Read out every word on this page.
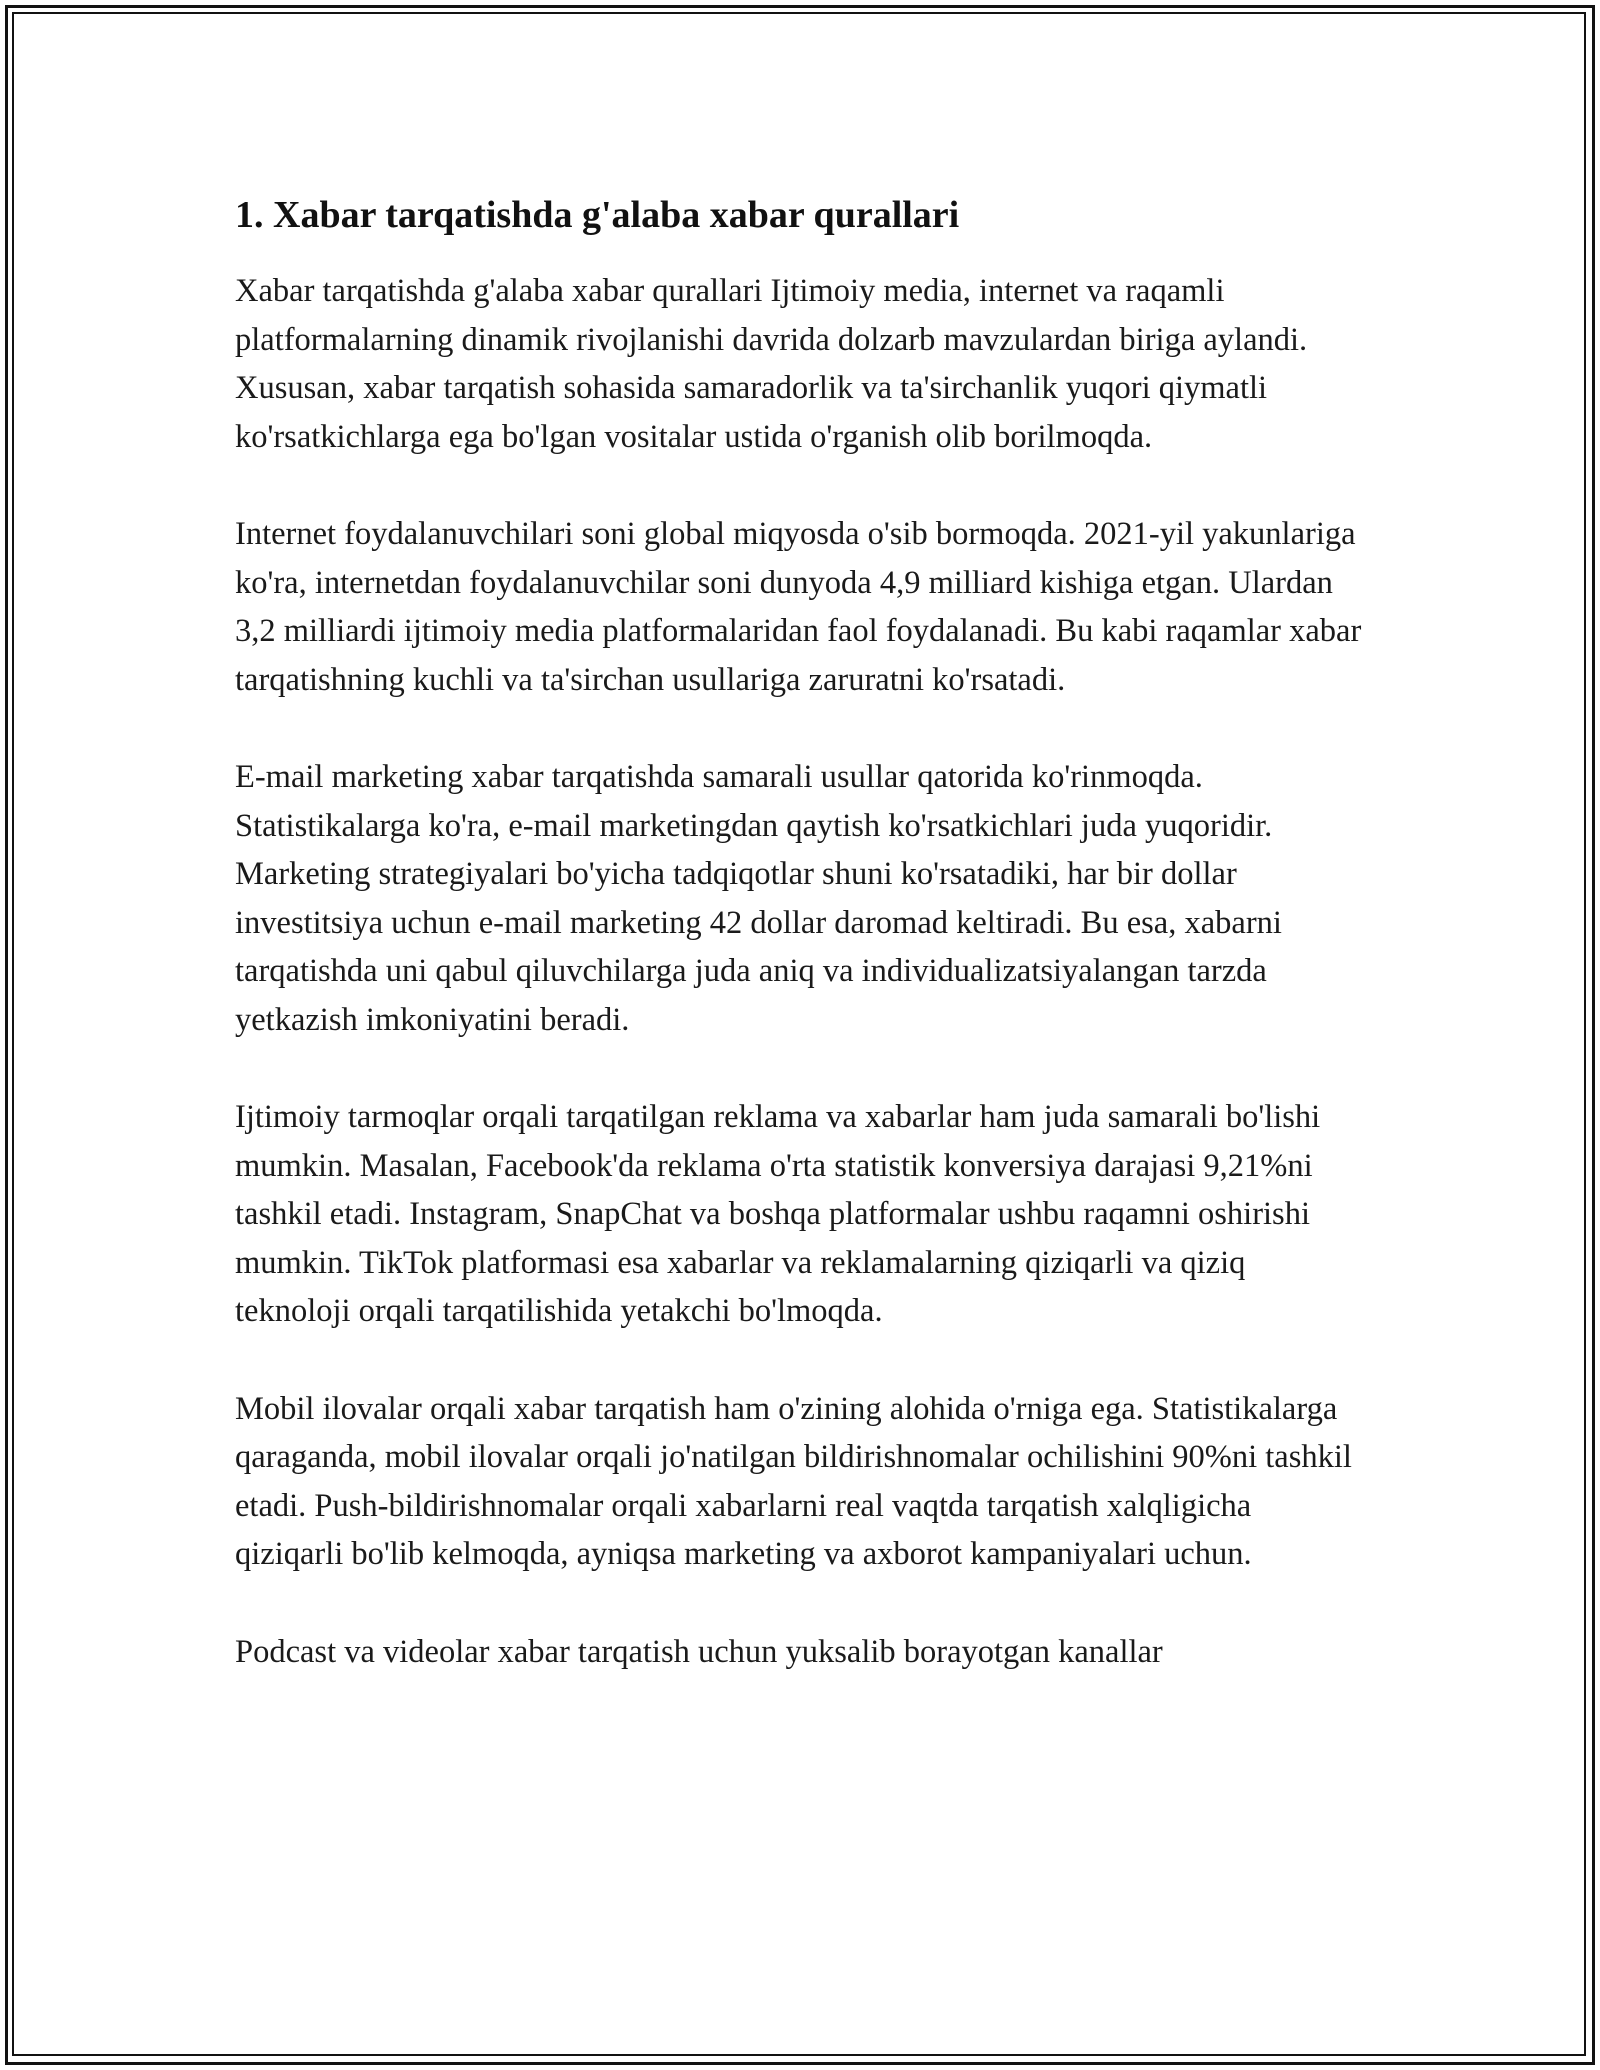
1. Xabar tarqatishda g'alaba xabar qurallari

Xabar tarqatishda g'alaba xabar qurallari Ijtimoiy media, internet va raqamli platformalarning dinamik rivojlanishi davrida dolzarb mavzulardan biriga aylandi. Xususan, xabar tarqatish sohasida samaradorlik va ta'sirchanlik yuqori qiymatli ko'rsatkichlarga ega bo'lgan vositalar ustida o'rganish olib borilmoqda.

Internet foydalanuvchilari soni global miqyosda o'sib bormoqda. 2021-yil yakunlariga ko'ra, internetdan foydalanuvchilar soni dunyoda 4,9 milliard kishiga etgan. Ulardan 3,2 milliardi ijtimoiy media platformalaridan faol foydalanadi. Bu kabi raqamlar xabar tarqatishning kuchli va ta'sirchan usullariga zaruratni ko'rsatadi.

E-mail marketing xabar tarqatishda samarali usullar qatorida ko'rinmoqda. Statistikalarga ko'ra, e-mail marketingdan qaytish ko'rsatkichlari juda yuqoridir. Marketing strategiyalari bo'yicha tadqiqotlar shuni ko'rsatadiki, har bir dollar investitsiya uchun e-mail marketing 42 dollar daromad keltiradi. Bu esa, xabarni tarqatishda uni qabul qiluvchilarga juda aniq va individualizatsiyalangan tarzda yetkazish imkoniyatini beradi.

Ijtimoiy tarmoqlar orqali tarqatilgan reklama va xabarlar ham juda samarali bo'lishi mumkin. Masalan, Facebook'da reklama o'rta statistik konversiya darajasi 9,21%ni tashkil etadi. Instagram, SnapChat va boshqa platformalar ushbu raqamni oshirishi mumkin. TikTok platformasi esa xabarlar va reklamalarning qiziqarli va qiziq teknoloji orqali tarqatilishida yetakchi bo'lmoqda.

Mobil ilovalar orqali xabar tarqatish ham o'zining alohida o'rniga ega. Statistikalarga qaraganda, mobil ilovalar orqali jo'natilgan bildirishnomalar ochilishini 90%ni tashkil etadi. Push-bildirishnomalar orqali xabarlarni real vaqtda tarqatish xalqligicha qiziqarli bo'lib kelmoqda, ayniqsa marketing va axborot kampaniyalari uchun.

Podcast va videolar xabar tarqatish uchun yuksalib borayotgan kanallar
